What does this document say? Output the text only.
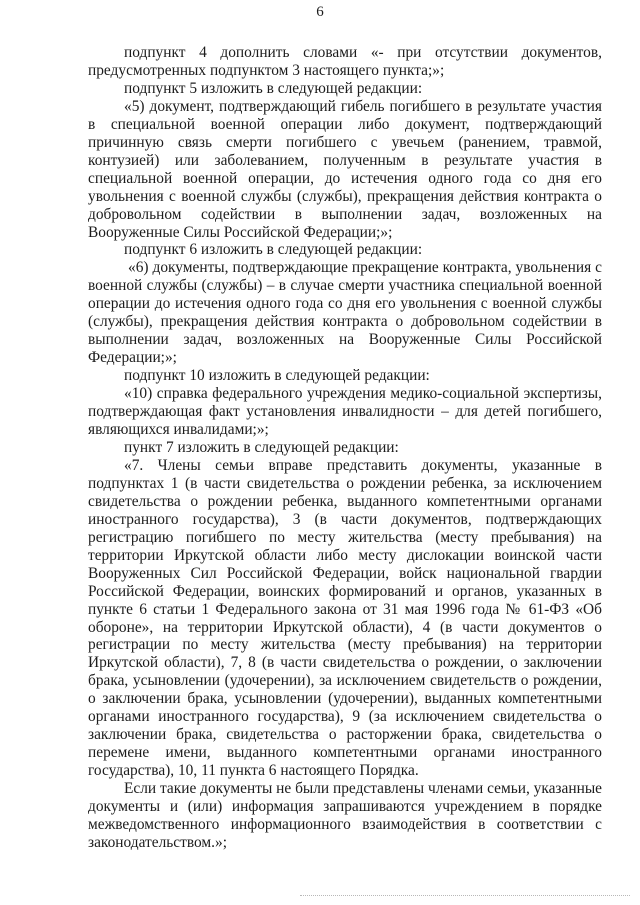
6

подпункт 4 дополнить словами «- при отсутствии документов, предусмотренных подпунктом 3 настоящего пункта;»;

подпункт 5 изложить в следующей редакции:

«5) документ, подтверждающий гибель погибшего в результате участия в специальной военной операции либо документ, подтверждающий причинную связь смерти погибшего с увечьем (ранением, травмой, контузией) или заболеванием, полученным в результате участия в специальной военной операции, до истечения одного года со дня его увольнения с военной службы (службы), прекращения действия контракта о добровольном содействии в выполнении задач, возложенных на Вооруженные Силы Российской Федерации;»;

подпункт 6 изложить в следующей редакции:

«6) документы, подтверждающие прекращение контракта, увольнения с военной службы (службы) – в случае смерти участника специальной военной операции до истечения одного года со дня его увольнения с военной службы (службы), прекращения действия контракта о добровольном содействии в выполнении задач, возложенных на Вооруженные Силы Российской Федерации;»;

подпункт 10 изложить в следующей редакции:

«10) справка федерального учреждения медико-социальной экспертизы, подтверждающая факт установления инвалидности – для детей погибшего, являющихся инвалидами;»;

пункт 7 изложить в следующей редакции:

«7. Члены семьи вправе представить документы, указанные в подпунктах 1 (в части свидетельства о рождении ребенка, за исключением свидетельства о рождении ребенка, выданного компетентными органами иностранного государства), 3 (в части документов, подтверждающих регистрацию погибшего по месту жительства (месту пребывания) на территории Иркутской области либо месту дислокации воинской части Вооруженных Сил Российской Федерации, войск национальной гвардии Российской Федерации, воинских формирований и органов, указанных в пункте 6 статьи 1 Федерального закона от 31 мая 1996 года № 61-ФЗ «Об обороне», на территории Иркутской области), 4 (в части документов о регистрации по месту жительства (месту пребывания) на территории Иркутской области), 7, 8 (в части свидетельства о рождении, о заключении брака, усыновлении (удочерении), за исключением свидетельств о рождении, о заключении брака, усыновлении (удочерении), выданных компетентными органами иностранного государства), 9 (за исключением свидетельства о заключении брака, свидетельства о расторжении брака, свидетельства о перемене имени, выданного компетентными органами иностранного государства), 10, 11 пункта 6 настоящего Порядка.

Если такие документы не были представлены членами семьи, указанные документы и (или) информация запрашиваются учреждением в порядке межведомственного информационного взаимодействия в соответствии с законодательством.»;
